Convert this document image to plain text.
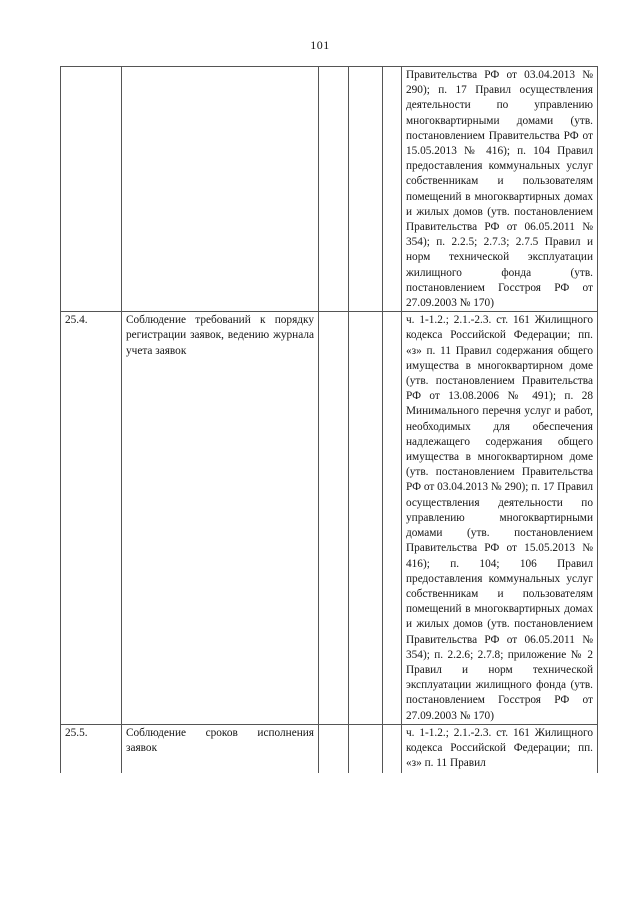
101
					Правительства РФ от 03.04.2013 № 290); п. 17 Правил осуществления деятельности по управлению многоквартирными домами (утв. постановлением Правительства РФ от 15.05.2013 № 416); п. 104 Правил предоставления коммунальных услуг собственникам и пользователям помещений в многоквартирных домах и жилых домов (утв. постановлением Правительства РФ от 06.05.2011 № 354); п. 2.2.5; 2.7.3; 2.7.5 Правил и норм технической эксплуатации жилищного фонда (утв. постановлением Госстроя РФ от 27.09.2003 № 170)
25.4.	Соблюдение требований к порядку регистрации заявок, ведению журнала учета заявок				ч. 1-1.2.; 2.1.-2.3. ст. 161 Жилищного кодекса Российской Федерации; пп. «з» п. 11 Правил содержания общего имущества в многоквартирном доме (утв. постановлением Правительства РФ от 13.08.2006 № 491); п. 28 Минимального перечня услуг и работ, необходимых для обеспечения надлежащего содержания общего имущества в многоквартирном доме (утв. постановлением Правительства РФ от 03.04.2013 № 290); п. 17 Правил осуществления деятельности по управлению многоквартирными домами (утв. постановлением Правительства РФ от 15.05.2013 № 416); п. 104; 106 Правил предоставления коммунальных услуг собственникам и пользователям помещений в многоквартирных домах и жилых домов (утв. постановлением Правительства РФ от 06.05.2011 № 354); п. 2.2.6; 2.7.8; приложение № 2 Правил и норм технической эксплуатации жилищного фонда (утв. постановлением Госстроя РФ от 27.09.2003 № 170)
25.5.	Соблюдение сроков исполнения заявок				ч. 1-1.2.; 2.1.-2.3. ст. 161 Жилищного кодекса Российской Федерации; пп. «з» п. 11 Правил
